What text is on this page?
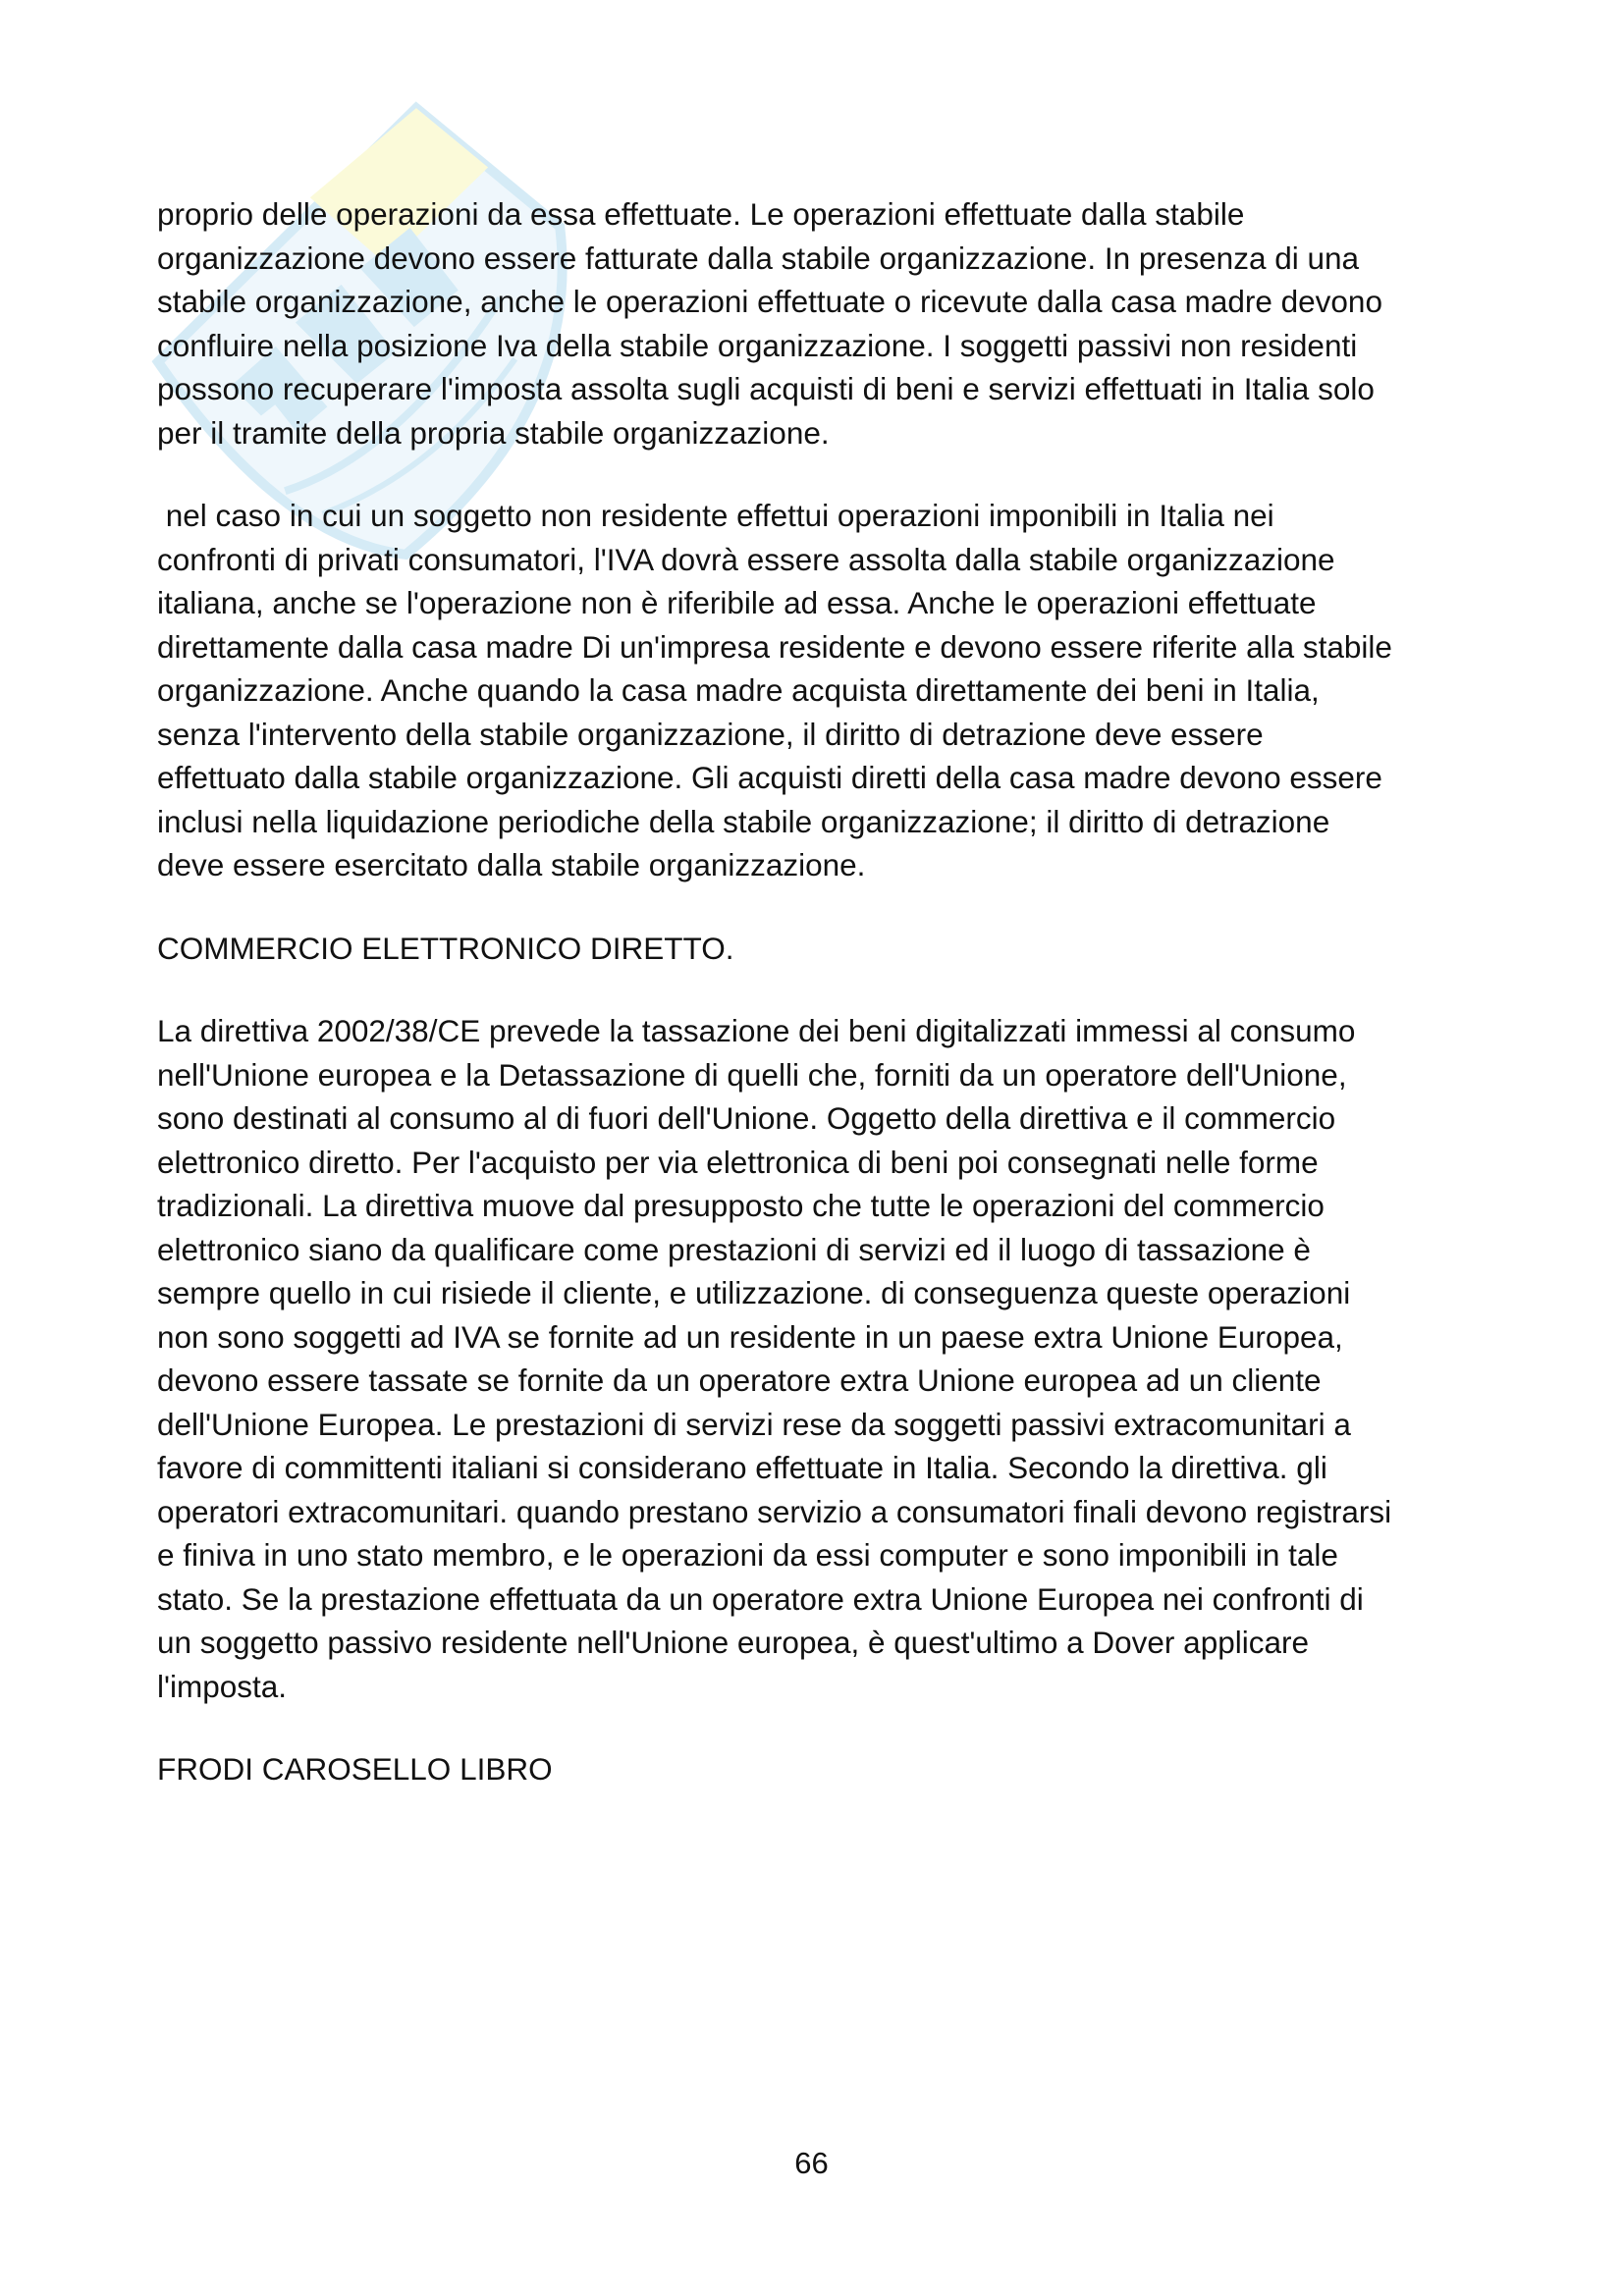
proprio delle operazioni da essa effettuate. Le operazioni effettuate dalla stabile
organizzazione devono essere fatturate dalla stabile organizzazione. In presenza di una
stabile organizzazione, anche le operazioni effettuate o ricevute dalla casa madre devono
confluire nella posizione Iva della stabile organizzazione. I soggetti passivi non residenti
possono recuperare l'imposta assolta sugli acquisti di beni e servizi effettuati in Italia solo
per il tramite della propria stabile organizzazione.

nel caso in cui un soggetto non residente effettui operazioni imponibili in Italia nei
confronti di privati consumatori, l'IVA dovrà essere assolta dalla stabile organizzazione
italiana, anche se l'operazione non è riferibile ad essa. Anche le operazioni effettuate
direttamente dalla casa madre Di un'impresa residente e devono essere riferite alla stabile
organizzazione. Anche quando la casa madre acquista direttamente dei beni in Italia,
senza l'intervento della stabile organizzazione, il diritto di detrazione deve essere
effettuato dalla stabile organizzazione. Gli acquisti diretti della casa madre devono essere
inclusi nella liquidazione periodiche della stabile organizzazione; il diritto di detrazione
deve essere esercitato dalla stabile organizzazione.

COMMERCIO ELETTRONICO DIRETTO.

La direttiva 2002/38/CE prevede la tassazione dei beni digitalizzati immessi al consumo
nell'Unione europea e la Detassazione di quelli che, forniti da un operatore dell'Unione,
sono destinati al consumo al di fuori dell'Unione. Oggetto della direttiva e il commercio
elettronico diretto. Per l'acquisto per via elettronica di beni poi consegnati nelle forme
tradizionali. La direttiva muove dal presupposto che tutte le operazioni del commercio
elettronico siano da qualificare come prestazioni di servizi ed il luogo di tassazione è
sempre quello in cui risiede il cliente, e utilizzazione. di conseguenza queste operazioni
non sono soggetti ad IVA se fornite ad un residente in un paese extra Unione Europea,
devono essere tassate se fornite da un operatore extra Unione europea ad un cliente
dell'Unione Europea. Le prestazioni di servizi rese da soggetti passivi extracomunitari a
favore di committenti italiani si considerano effettuate in Italia. Secondo la direttiva. gli
operatori extracomunitari. quando prestano servizio a consumatori finali devono registrarsi
e finiva in uno stato membro, e le operazioni da essi computer e sono imponibili in tale
stato. Se la prestazione effettuata da un operatore extra Unione Europea nei confronti di
un soggetto passivo residente nell'Unione europea, è quest'ultimo a Dover applicare
l'imposta.

FRODI CAROSELLO LIBRO

66
